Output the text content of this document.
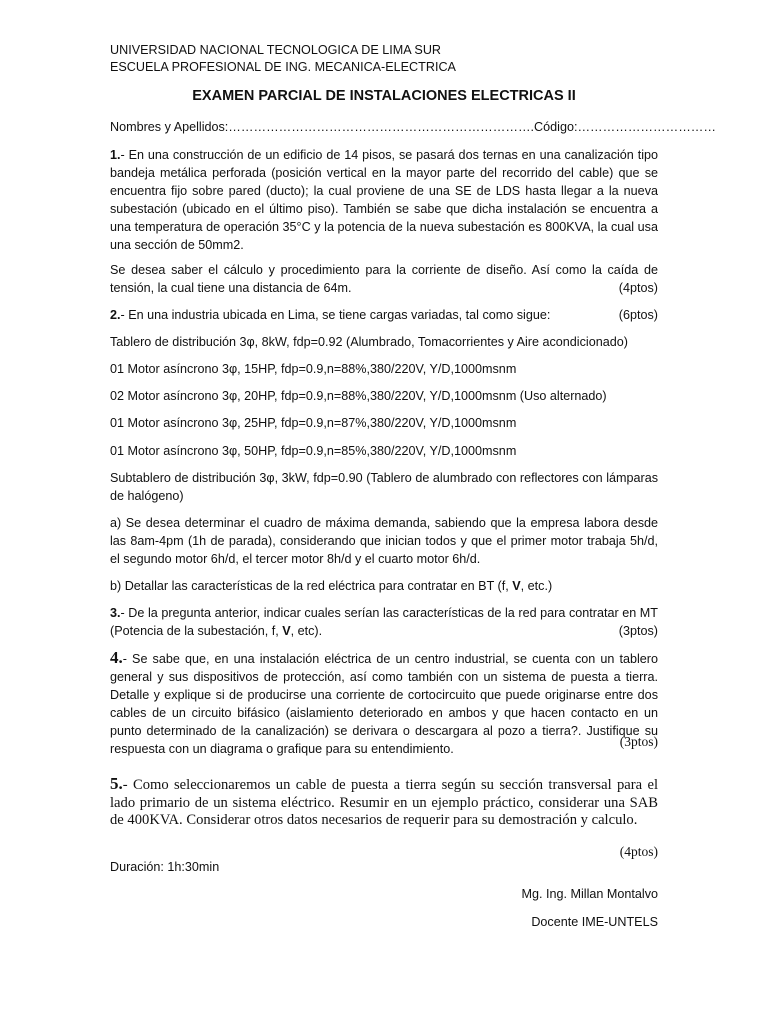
UNIVERSIDAD NACIONAL TECNOLOGICA DE LIMA SUR
ESCUELA PROFESIONAL DE ING. MECANICA-ELECTRICA
EXAMEN PARCIAL DE INSTALACIONES ELECTRICAS II
Nombres y Apellidos:……………………………………………………………….Código:……………………………
1.- En una construcción de un edificio de 14 pisos, se pasará dos ternas en una canalización tipo bandeja metálica perforada (posición vertical en la mayor parte del recorrido del cable) que se encuentra fijo sobre pared (ducto); la cual proviene de una SE de LDS hasta llegar a la nueva subestación (ubicado en el último piso). También se sabe que dicha instalación se encuentra a una temperatura de operación 35°C y la potencia de la nueva subestación es 800KVA, la cual usa una sección de 50mm2.
Se desea saber el cálculo y procedimiento para la corriente de diseño. Así como la caída de tensión, la cual tiene una distancia de 64m.	(4ptos)
2.- En una industria ubicada en Lima, se tiene cargas variadas, tal como sigue:	(6ptos)
Tablero de distribución 3φ, 8kW, fdp=0.92 (Alumbrado, Tomacorrientes y Aire acondicionado)
01 Motor asíncrono 3φ, 15HP, fdp=0.9,n=88%,380/220V, Y/D,1000msnm
02 Motor asíncrono 3φ, 20HP, fdp=0.9,n=88%,380/220V, Y/D,1000msnm (Uso alternado)
01 Motor asíncrono 3φ, 25HP, fdp=0.9,n=87%,380/220V, Y/D,1000msnm
01 Motor asíncrono 3φ, 50HP, fdp=0.9,n=85%,380/220V, Y/D,1000msnm
Subtablero de distribución 3φ, 3kW, fdp=0.90 (Tablero de alumbrado con reflectores con lámparas de halógeno)
a) Se desea determinar el cuadro de máxima demanda, sabiendo que la empresa labora desde las 8am-4pm (1h de parada), considerando que inician todos y que el primer motor trabaja 5h/d, el segundo motor 6h/d, el tercer motor 8h/d y el cuarto motor 6h/d.
b) Detallar las características de la red eléctrica para contratar en BT (f, V, etc.)
3.- De la pregunta anterior, indicar cuales serían las características de la red para contratar en MT (Potencia de la subestación, f, V, etc).	(3ptos)
4.- Se sabe que, en una instalación eléctrica de un centro industrial, se cuenta con un tablero general y sus dispositivos de protección, así como también con un sistema de puesta a tierra. Detalle y explique si de producirse una corriente de cortocircuito que puede originarse entre dos cables de un circuito bifásico (aislamiento deteriorado en ambos y que hacen contacto en un punto determinado de la canalización) se derivara o descargara al pozo a tierra?. Justifique su respuesta con un diagrama o grafique para su entendimiento.	(3ptos)
5.- Como seleccionaremos un cable de puesta a tierra según su sección transversal para el lado primario de un sistema eléctrico. Resumir en un ejemplo práctico, considerar una SAB de 400KVA. Considerar otros datos necesarios de requerir para su demostración y calculo.
(4ptos)
Duración: 1h:30min
Mg. Ing. Millan Montalvo
Docente IME-UNTELS
